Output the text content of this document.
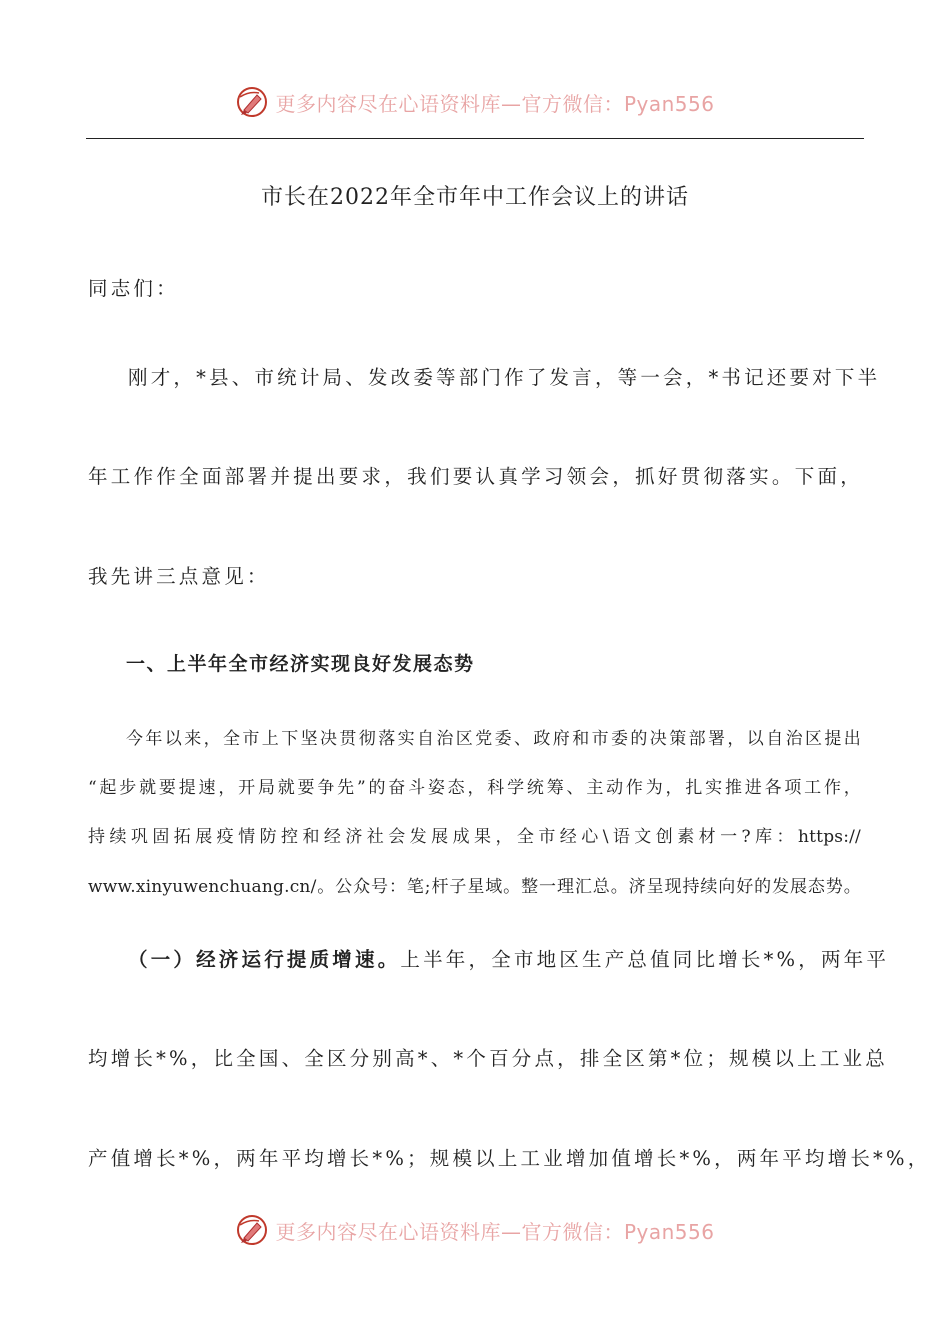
更多内容尽在心语资料库—官方微信：Pyan556
市长在2022年全市年中工作会议上的讲话
同志们：
刚才，*县、市统计局、发改委等部门作了发言，等一会，*书记还要对下半
年工作作全面部署并提出要求，我们要认真学习领会，抓好贯彻落实。下面，
我先讲三点意见：
一、上半年全市经济实现良好发展态势
今年以来，全市上下坚决贯彻落实自治区党委、政府和市委的决策部署，以自治区提出
“起步就要提速，开局就要争先”的奋斗姿态，科学统筹、主动作为，扎实推进各项工作，
持续巩固拓展疫情防控和经济社会发展成果，全市经心\语文创素材一?库：https://
www.xinyuwenchuang.cn/。公众号：笔;杆子星域。整一理汇总。济呈现持续向好的发展态势。
（一）经济运行提质增速。上半年，全市地区生产总值同比增长*%，两年平
均增长*%，比全国、全区分别高*、*个百分点，排全区第*位；规模以上工业总
产值增长*%，两年平均增长*%；规模以上工业增加值增长*%，两年平均增长*%，
更多内容尽在心语资料库—官方微信：Pyan556
